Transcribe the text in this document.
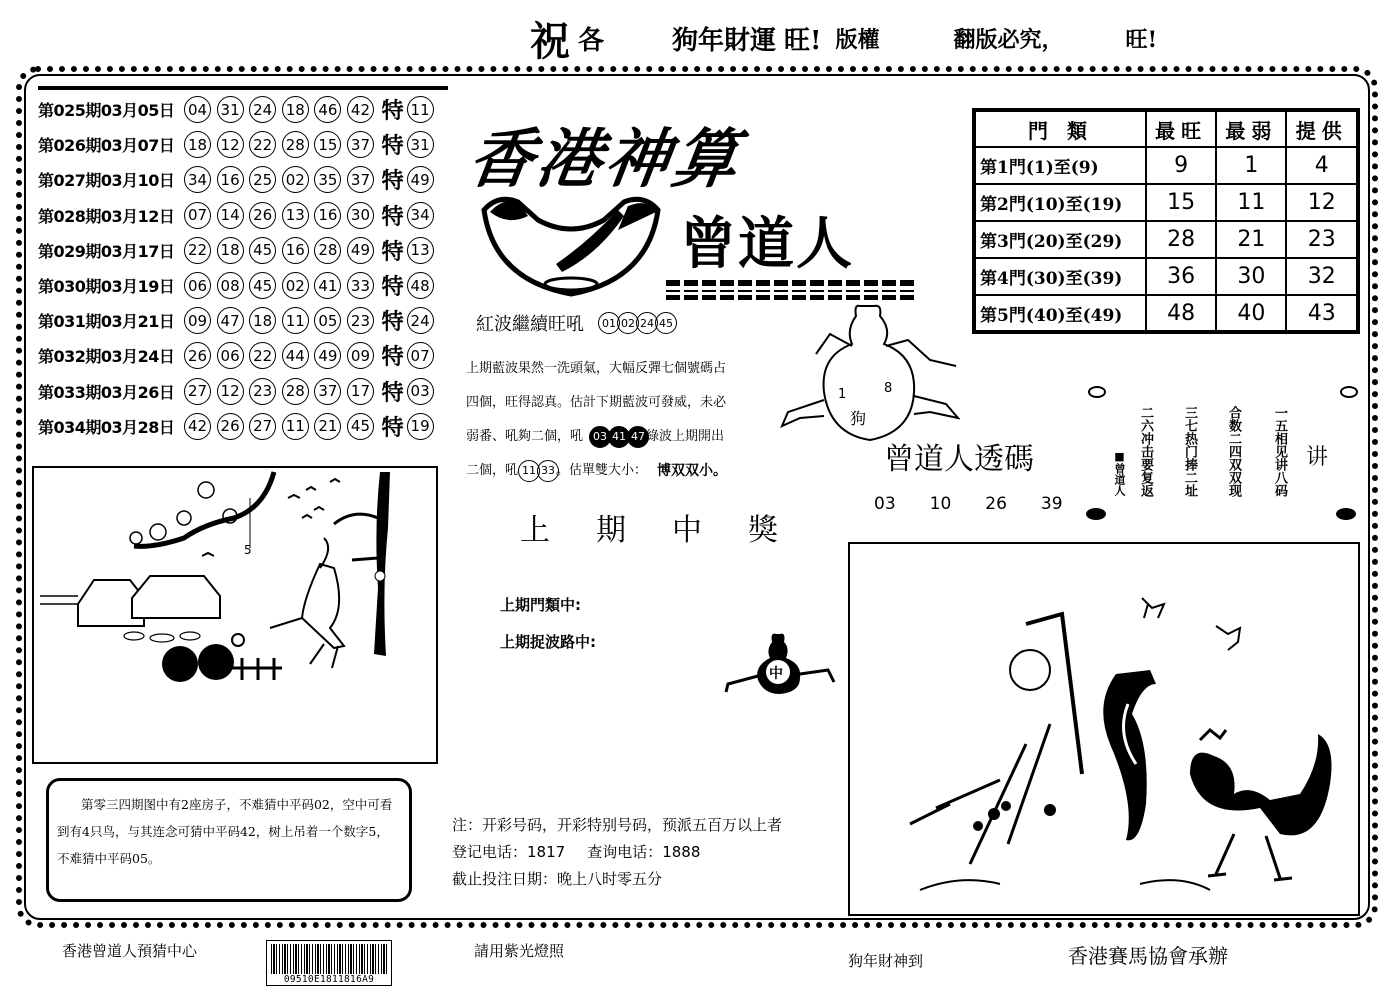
祝 各	狗年財運 旺! 版權	翻版必究，	旺!
第025期03月05日 04 31 24 18 46 42 特 11
第026期03月07日 18 12 22 28 15 37 特 31
第027期03月10日 34 16 25 02 35 37 特 49
第028期03月12日 07 14 26 13 16 30 特 34
第029期03月17日 22 18 45 16 28 49 特 13
第030期03月19日 06 08 45 02 41 33 特 48
第031期03月21日 09 47 18 11 05 23 特 24
第032期03月24日 26 06 22 44 49 09 特 07
第033期03月26日 27 12 23 28 37 17 特 03
第034期03月28日 42 26 27 11 21 45 特 19
香港神算
曾道人
紅波繼續旺吼	01 02 24 45
上期藍波果然一洗頭氣，大幅反彈七個號碼占
四個，旺得認真。估計下期藍波可發威，未必
弱番、吼夠二個，吼 03 41 47 綠波上期開出
二個，吼 11 33 。估單雙大小： 博双双小。
上期中獎
上期門類中:
上期捉波路中:
門 類	最旺	最弱	提供
第1門(1)至(9)	9	1	4
第2門(10)至(19)	15	11	12
第3門(20)至(29)	28	21	23
第4門(30)至(39)	36	30	32
第5門(40)至(49)	48	40	43
1	8
狗
曾道人透碼
03 10 26 39
一五相见讲八码
合数二四双双现
三七热门捧二址
二六冲击要复返
■曾道人	讲
5
中

第零三四期图中有2座房子，不难猜中平码02，空中可看到有4只鸟，与其连念可猜中平码42，树上吊着一个数字5，不难猜中平码05。

注：开彩号码，开彩特别号码，预派五百万以上者
登记电话：1817 查询电话：1888
截止投注日期：晚上八时零五分
香港曾道人預猜中心
09510E1811816A9
請用紫光燈照
狗年財神到	香港賽馬協會承辦
